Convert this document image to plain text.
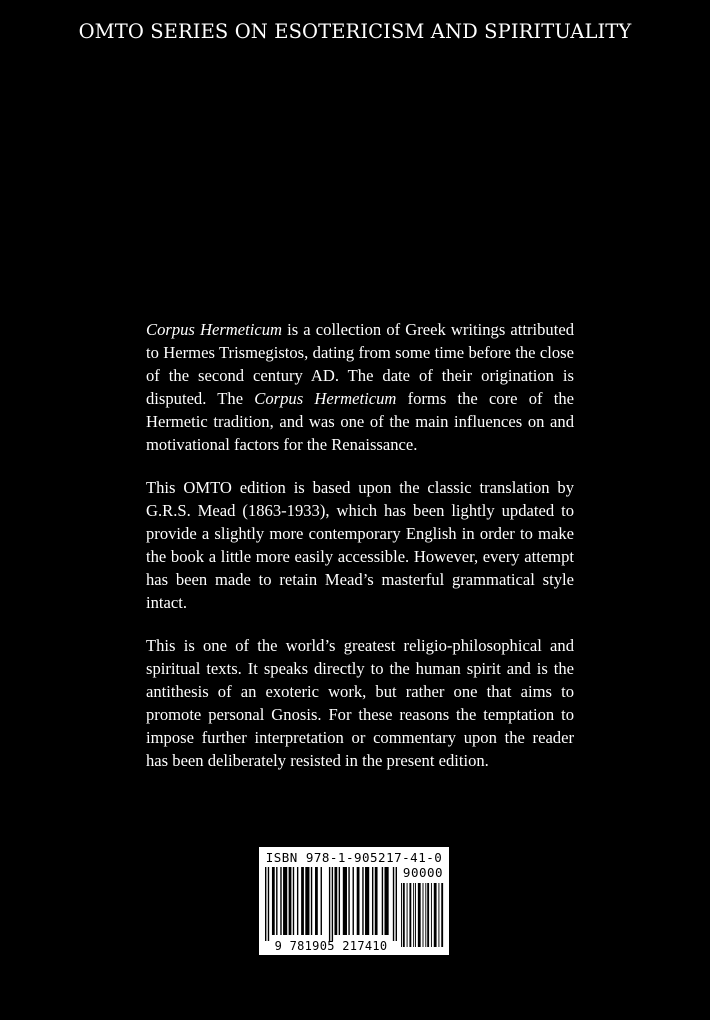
OMTO SERIES ON ESOTERICISM AND SPIRITUALITY

Corpus Hermeticum is a collection of Greek writings attributed to Hermes Trismegistos, dating from some time before the close of the second century AD. The date of their origination is disputed. The Corpus Hermeticum forms the core of the Hermetic tradition, and was one of the main influences on and motivational factors for the Renaissance.

This OMTO edition is based upon the classic translation by G.R.S. Mead (1863-1933), which has been lightly updated to provide a slightly more contemporary English in order to make the book a little more easily accessible. However, every attempt has been made to retain Mead’s masterful grammatical style intact.

This is one of the world’s greatest religio-philosophical and spiritual texts. It speaks directly to the human spirit and is the antithesis of an exoteric work, but rather one that aims to promote personal Gnosis. For these reasons the temptation to impose further interpretation or commentary upon the reader has been deliberately resisted in the present edition.

ISBN 978-1-905217-41-0
90000
9 781905 217410
